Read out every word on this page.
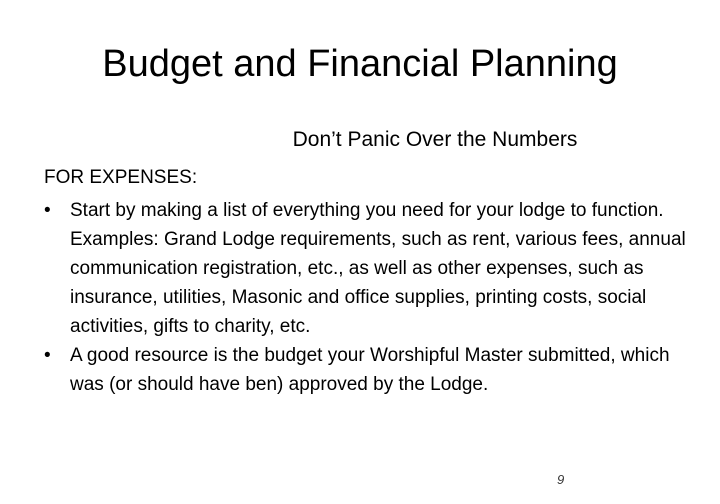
Budget and Financial Planning
Don’t Panic Over the Numbers
FOR EXPENSES:
•	Start by making a list of everything you need for your lodge to function. Examples: Grand Lodge requirements, such as rent, various fees, annual communication registration, etc., as well as other expenses, such as insurance, utilities, Masonic and office supplies, printing costs, social activities, gifts to charity, etc.
•	A good resource is the budget your Worshipful Master submitted, which was (or should have ben) approved by the Lodge.
9
